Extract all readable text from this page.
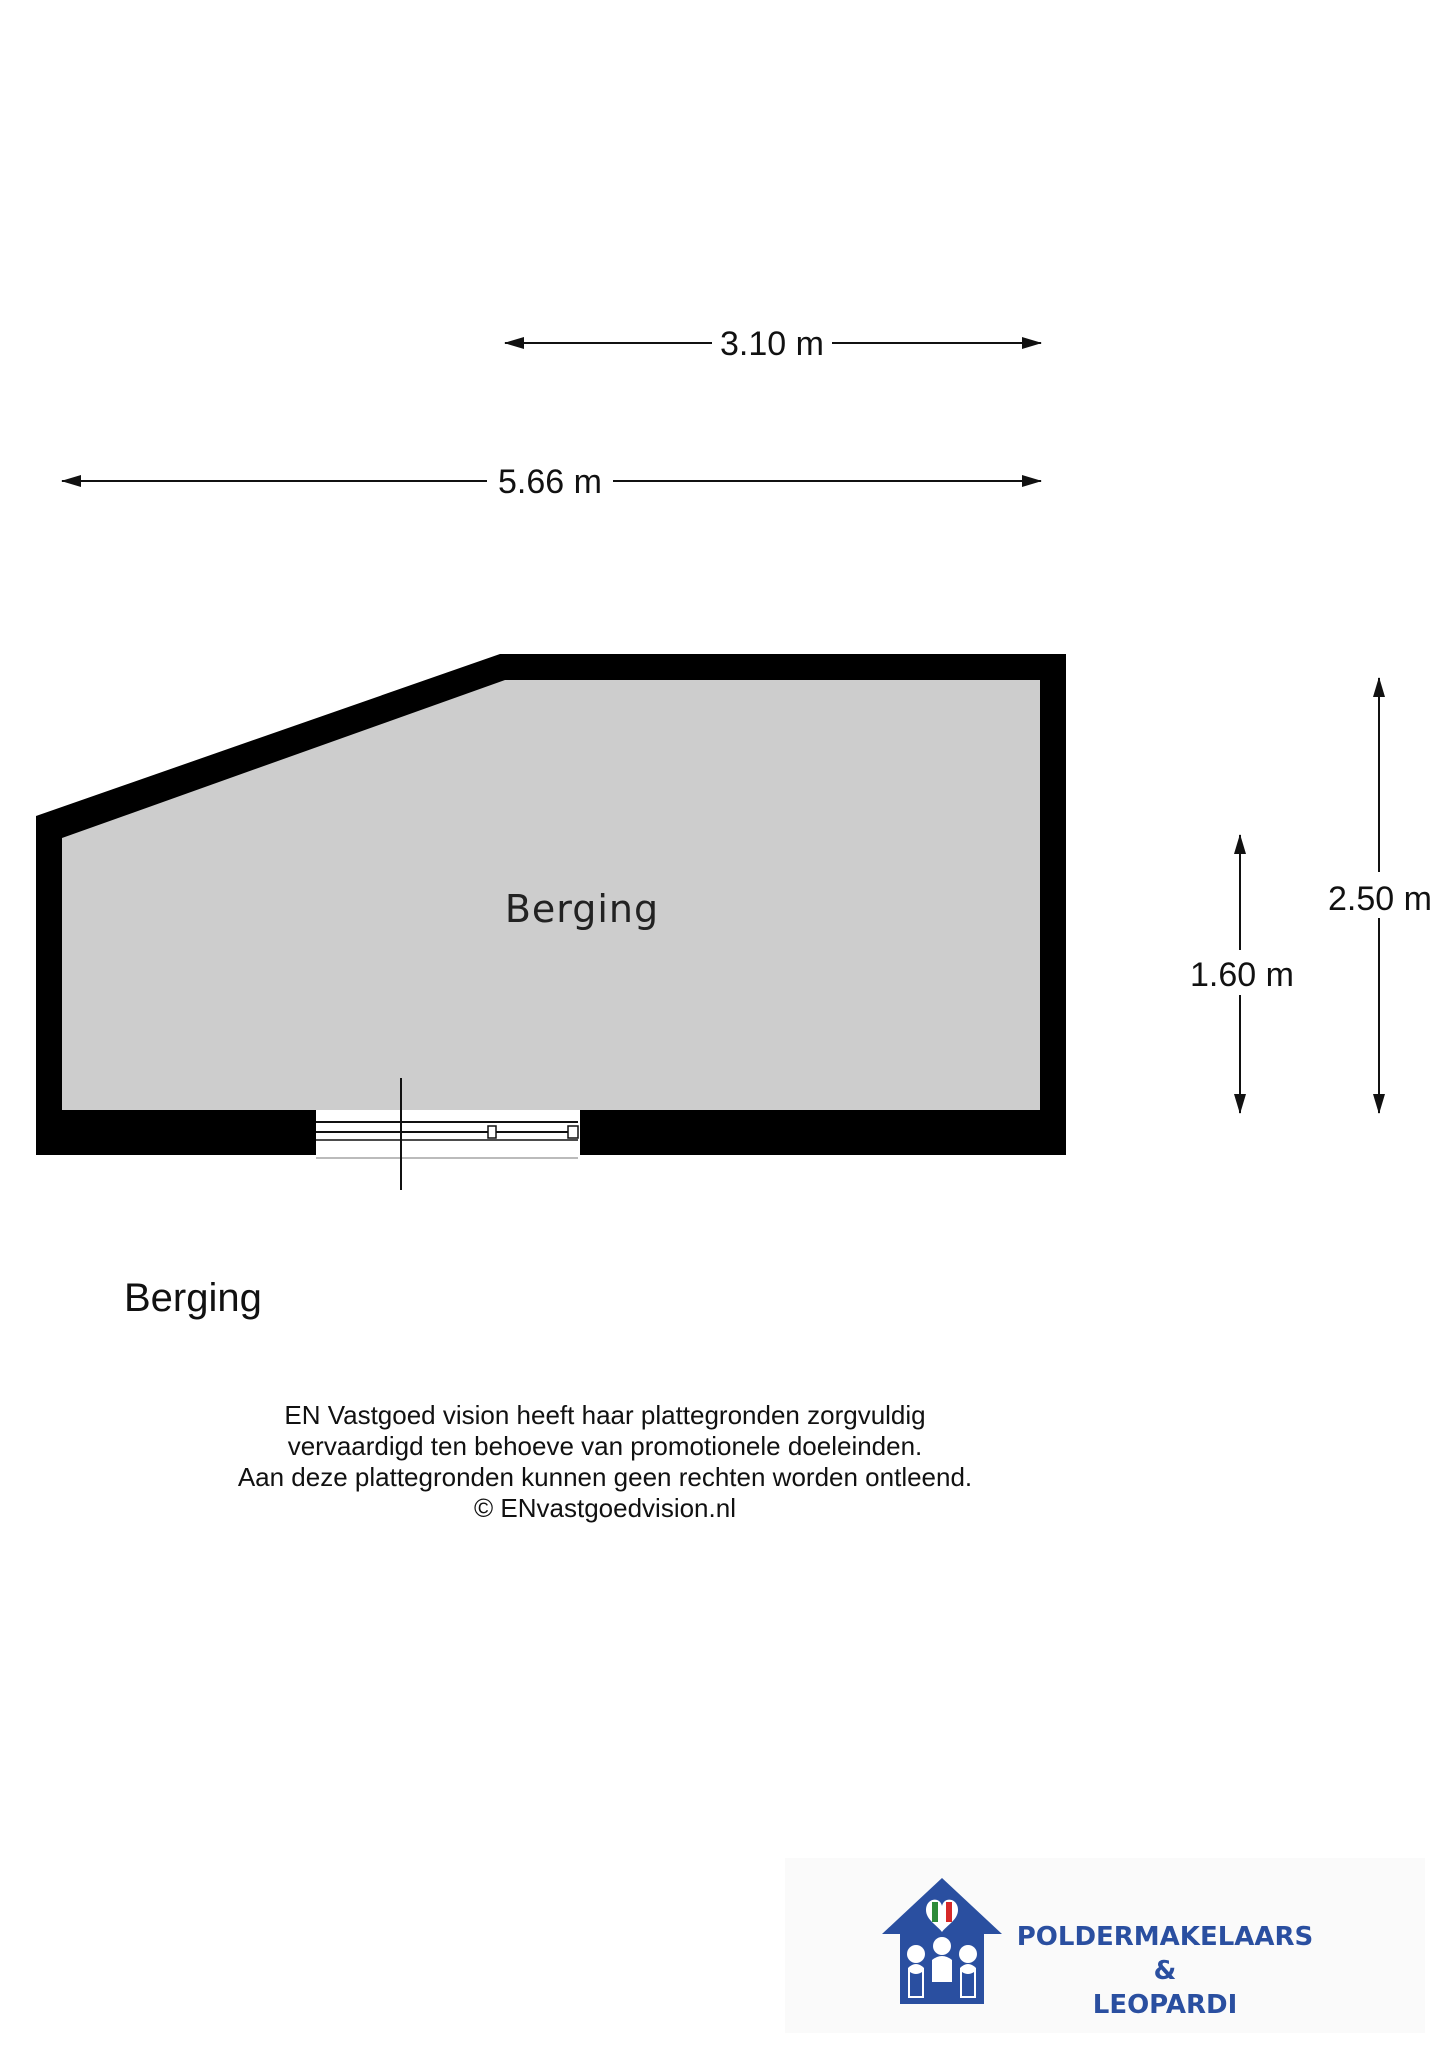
3.10 m
5.66 m
Berging
1.60 m
2.50 m
Berging
EN Vastgoed vision heeft haar plattegronden zorgvuldig
vervaardigd ten behoeve van promotionele doeleinden.
Aan deze plattegronden kunnen geen rechten worden ontleend.
© ENvastgoedvision.nl
POLDERMAKELAARS
&
LEOPARDI
